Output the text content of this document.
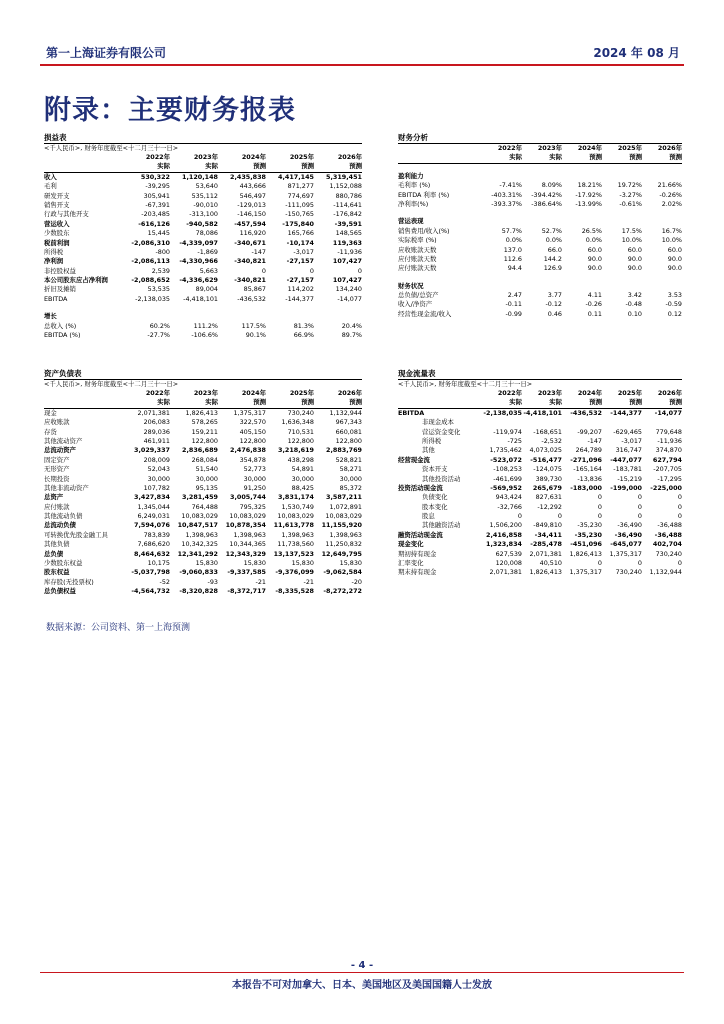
第一上海证券有限公司	2024 年 08 月
附录：主要财务报表
损益表
<千人民币>, 财务年度截至<十二月三十一日>
2022年	2023年	2024年	2025年	2026年
实际	实际	预测	预测	预测
收入	530,322	1,120,148	2,435,838	4,417,145	5,319,451
毛利	-39,295	53,640	443,666	871,277	1,152,088
研发开支	305,941	535,112	546,497	774,697	880,786
销售开支	-67,391	-90,010	-129,013	-111,095	-114,641
行政与其他开支	-203,485	-313,100	-146,150	-150,765	-176,842
营运收入	-616,126	-940,582	-457,594	-175,840	-39,591
少数股东	15,445	78,086	116,920	165,766	148,565
税前利润	-2,086,310	-4,339,097	-340,671	-10,174	119,363
所得税	-800	-1,869	-147	-3,017	-11,936
净利润	-2,086,113	-4,330,966	-340,821	-27,157	107,427
非控股权益	2,539	5,663	0	0	0
本公司股东应占净利润	-2,088,652	-4,336,629	-340,821	-27,157	107,427
折旧及摊销	53,535	89,004	85,867	114,202	134,240
EBITDA	-2,138,035	-4,418,101	-436,532	-144,377	-14,077
增长
总收入 (%)	60.2%	111.2%	117.5%	81.3%	20.4%
EBITDA (%)	-27.7%	-106.6%	90.1%	66.9%	89.7%
财务分析
2022年	2023年	2024年	2025年	2026年
实际	实际	预测	预测	预测
盈利能力
毛利率 (%)	-7.41%	8.09%	18.21%	19.72%	21.66%
EBITDA 利率 (%)	-403.31%	-394.42%	-17.92%	-3.27%	-0.26%
净利率(%)	-393.37%	-386.64%	-13.99%	-0.61%	2.02%
营运表现
销售费用/收入(%)	57.7%	52.7%	26.5%	17.5%	16.7%
实际税率 (%)	0.0%	0.0%	0.0%	10.0%	10.0%
应收账款天数	137.0	66.0	60.0	60.0	60.0
应付账款天数	112.6	144.2	90.0	90.0	90.0
应付账款天数	94.4	126.9	90.0	90.0	90.0
财务状况
总负债/总资产	2.47	3.77	4.11	3.42	3.53
收入/净资产	-0.11	-0.12	-0.26	-0.48	-0.59
经营性现金流/收入	-0.99	0.46	0.11	0.10	0.12
资产负债表
<千人民币>, 财务年度截至<十二月三十一日>
2022年	2023年	2024年	2025年	2026年
实际	实际	预测	预测	预测
现金	2,071,381	1,826,413	1,375,317	730,240	1,132,944
应收账款	206,083	578,265	322,570	1,636,348	967,343
存货	289,036	159,211	405,150	710,531	660,081
其他流动资产	461,911	122,800	122,800	122,800	122,800
总流动资产	3,029,337	2,836,689	2,476,838	3,218,619	2,883,769
固定资产	208,009	268,084	354,878	438,298	528,821
无形资产	52,043	51,540	52,773	54,891	58,271
长期投资	30,000	30,000	30,000	30,000	30,000
其他非流动资产	107,782	95,135	91,250	88,425	85,372
总资产	3,427,834	3,281,459	3,005,744	3,831,174	3,587,211
应付账款	1,345,044	764,488	795,325	1,530,749	1,072,891
其他流动负债	6,249,031	10,083,029	10,083,029	10,083,029	10,083,029
总流动负债	7,594,076	10,847,517	10,878,354	11,613,778	11,155,920
可转换优先股金融工具	783,839	1,398,963	1,398,963	1,398,963	1,398,963
其他负债	7,686,620	10,342,325	10,344,365	11,738,560	11,250,832
总负债	8,464,632	12,341,292	12,343,329	13,137,523	12,649,795
少数股东权益	10,175	15,830	15,830	15,830	15,830
股东权益	-5,037,798	-9,060,833	-9,337,585	-9,376,099	-9,062,584
库存股(无投票权)	-52	-93	-21	-21	-20
总负债权益	-4,564,732	-8,320,828	-8,372,717	-8,335,528	-8,272,272
现金流量表
<千人民币>, 财务年度截至<十二月三十一日>
2022年	2023年	2024年	2025年	2026年
实际	实际	预测	预测	预测
EBITDA	-2,138,035 -4,418,101	-436,532	-144,377	-14,077
非现金成本
营运资金变化	-119,974	-168,651	-99,207	-629,465	779,648
所得税	-725	-2,532	-147	-3,017	-11,936
其他	1,735,462	4,073,025	264,789	316,747	374,870
经营现金流	-523,072	-516,477	-271,096	-447,077	627,794
资本开支	-108,253	-124,075	-165,164	-183,781	-207,705
其他投资活动	-461,699	389,730	-13,836	-15,219	-17,295
投资活动现金流	-569,952	265,679	-183,000	-199,000	-225,000
负债变化	943,424	827,631	0	0	0
股本变化	-32,766	-12,292	0	0	0
股息	0	0	0	0	0
其他融资活动	1,506,200	-849,810	-35,230	-36,490	-36,488
融资活动现金流	2,416,858	-34,411	-35,230	-36,490	-36,488
现金变化	1,323,834	-285,478	-451,096	-645,077	402,704
期初持有现金	627,539	2,071,381	1,826,413	1,375,317	730,240
汇率变化	120,008	40,510	0	0	0
期末持有现金	2,071,381	1,826,413	1,375,317	730,240	1,132,944
数据来源：公司资料、第一上海预测
- 4 -
本报告不可对加拿大、日本、美国地区及美国国籍人士发放
